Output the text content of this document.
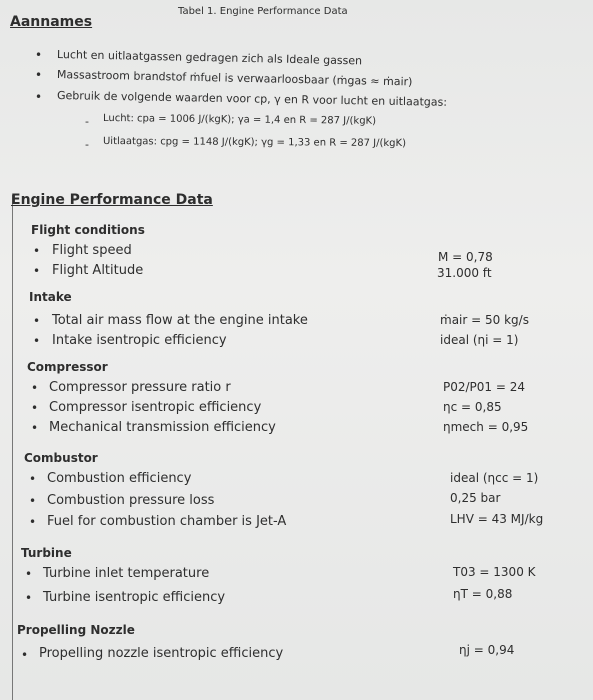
Tabel 1. Engine Performance Data
Aannames
• Lucht en uitlaatgassen gedragen zich als Ideale gassen
• Massastroom brandstof ṁfuel is verwaarloosbaar (ṁgas ≈ ṁair)
• Gebruik de volgende waarden voor cp, γ en R voor lucht en uitlaatgas:
- Lucht: cpa = 1006 J/(kgK); γa = 1,4 en R = 287 J/(kgK)
- Uitlaatgas: cpg = 1148 J/(kgK); γg = 1,33 en R = 287 J/(kgK)
Engine Performance Data
Flight conditions
• Flight speed	M = 0,78
• Flight Altitude	31.000 ft
Intake
• Total air mass flow at the engine intake	ṁair = 50 kg/s
• Intake isentropic efficiency	ideal (ηi = 1)
Compressor
• Compressor pressure ratio r	P02/P01 = 24
• Compressor isentropic efficiency	ηc = 0,85
• Mechanical transmission efficiency	ηmech = 0,95
Combustor
• Combustion efficiency	ideal (ηcc = 1)
• Combustion pressure loss	0,25 bar
• Fuel for combustion chamber is Jet-A	LHV = 43 MJ/kg
Turbine
• Turbine inlet temperature	T03 = 1300 K
• Turbine isentropic efficiency	ηT = 0,88
Propelling Nozzle
• Propelling nozzle isentropic efficiency	ηj = 0,94
